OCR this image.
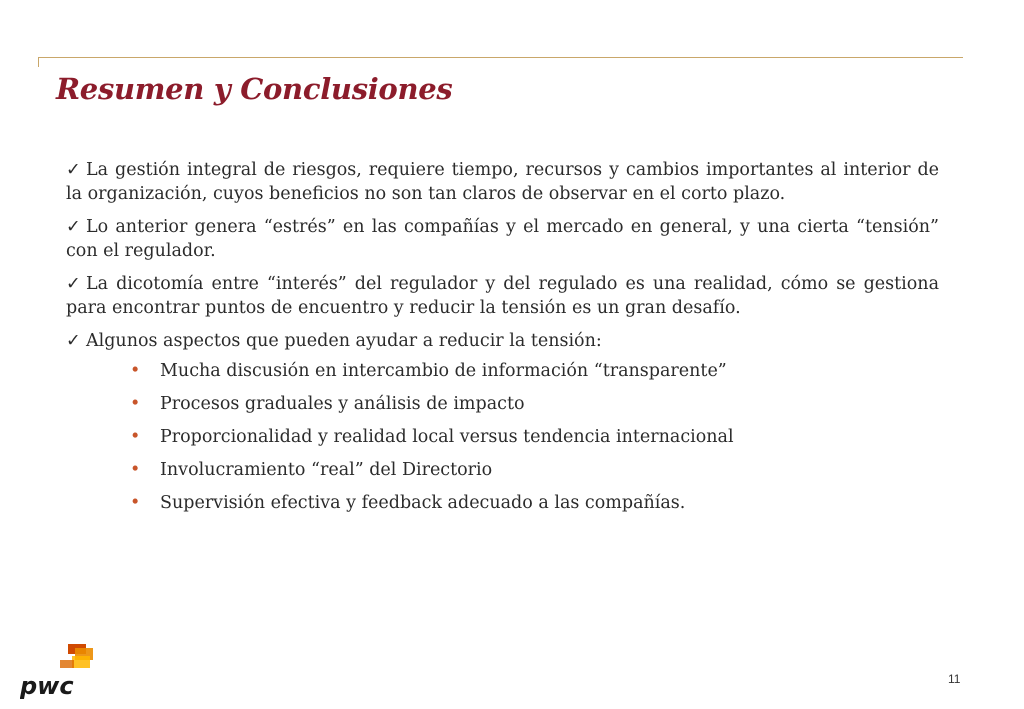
Resumen y Conclusiones

✓ La gestión integral de riesgos, requiere tiempo, recursos y cambios importantes al interior de la organización, cuyos beneficios no son tan claros de observar en el corto plazo.

✓ Lo anterior genera “estrés” en las compañías y el mercado en general, y una cierta “tensión” con el regulador.

✓ La dicotomía entre “interés” del regulador y del regulado es una realidad, cómo se gestiona para encontrar puntos de encuentro y reducir la tensión es un gran desafío.

✓ Algunos aspectos que pueden ayudar a reducir la tensión:

• Mucha discusión en intercambio de información “transparente”
• Procesos graduales y análisis de impacto
• Proporcionalidad y realidad local versus tendencia internacional
• Involucramiento “real” del Directorio
• Supervisión efectiva y feedback adecuado a las compañías.
pwc	11
